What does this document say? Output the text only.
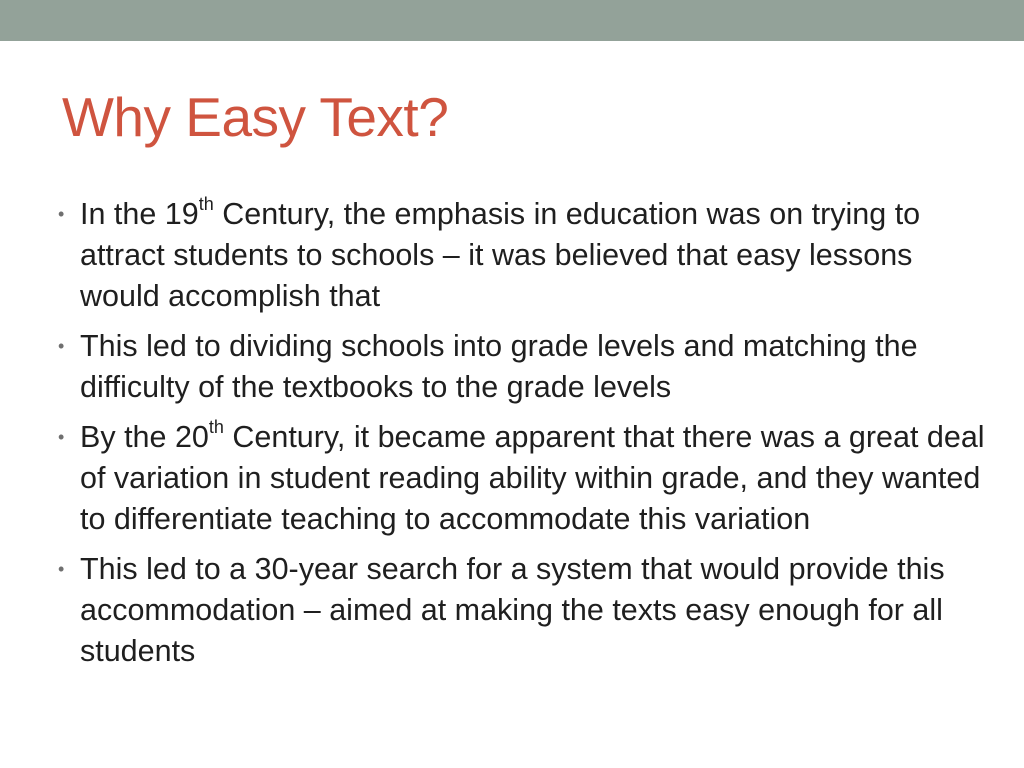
Why Easy Text?
• In the 19th Century, the emphasis in education was on trying to attract students to schools – it was believed that easy lessons would accomplish that
• This led to dividing schools into grade levels and matching the difficulty of the textbooks to the grade levels
• By the 20th Century, it became apparent that there was a great deal of variation in student reading ability within grade, and they wanted to differentiate teaching to accommodate this variation
• This led to a 30-year search for a system that would provide this accommodation – aimed at making the texts easy enough for all students
